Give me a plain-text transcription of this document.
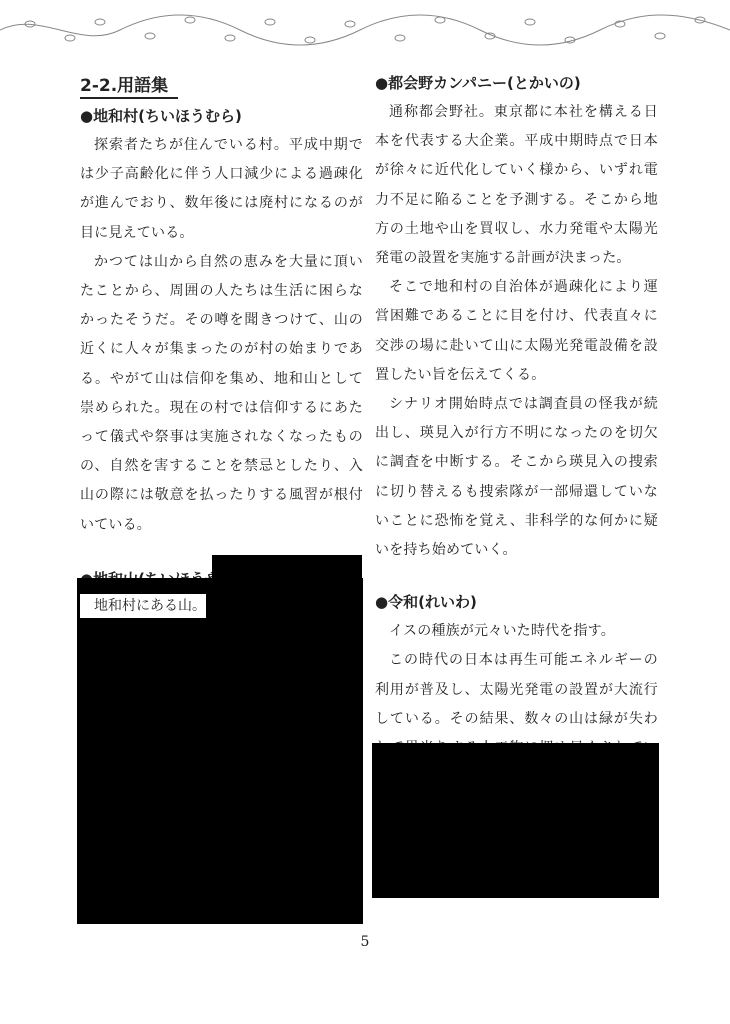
2-2.用語集
●地和村(ちいほうむら)

探索者たちが住んでいる村。平成中期では少子高齢化に伴う人口減少による過疎化が進んでおり、数年後には廃村になるのが目に見えている。

かつては山から自然の恵みを大量に頂いたことから、周囲の人たちは生活に困らなかったそうだ。その噂を聞きつけて、山の近くに人々が集まったのが村の始まりである。やがて山は信仰を集め、地和山として崇められた。現在の村では信仰するにあたって儀式や祭事は実施されなくなったものの、自然を害することを禁忌としたり、入山の際には敬意を払ったりする風習が根付いている。

地和村にある山。

●都会野カンパニー(とかいの)

通称都会野社。東京都に本社を構える日本を代表する大企業。平成中期時点で日本が徐々に近代化していく様から、いずれ電力不足に陥ることを予測する。そこから地方の土地や山を買収し、水力発電や太陽光発電の設置を実施する計画が決まった。

そこで地和村の自治体が過疎化により運営困難であることに目を付け、代表直々に交渉の場に赴いて山に太陽光発電設備を設置したい旨を伝えてくる。

シナリオ開始時点では調査員の怪我が続出し、瑛見入が行方不明になったのを切欠に調査を中断する。そこから瑛見入の捜索に切り替えるも捜索隊が一部帰還していないことに恐怖を覚え、非科学的な何かに疑いを持ち始めていく。

●令和(れいわ)

イスの種族が元々いた時代を指す。

この時代の日本は再生可能エネルギーの利用が普及し、太陽光発電の設置が大流行している。その結果、数々の山は緑が失わ

5
